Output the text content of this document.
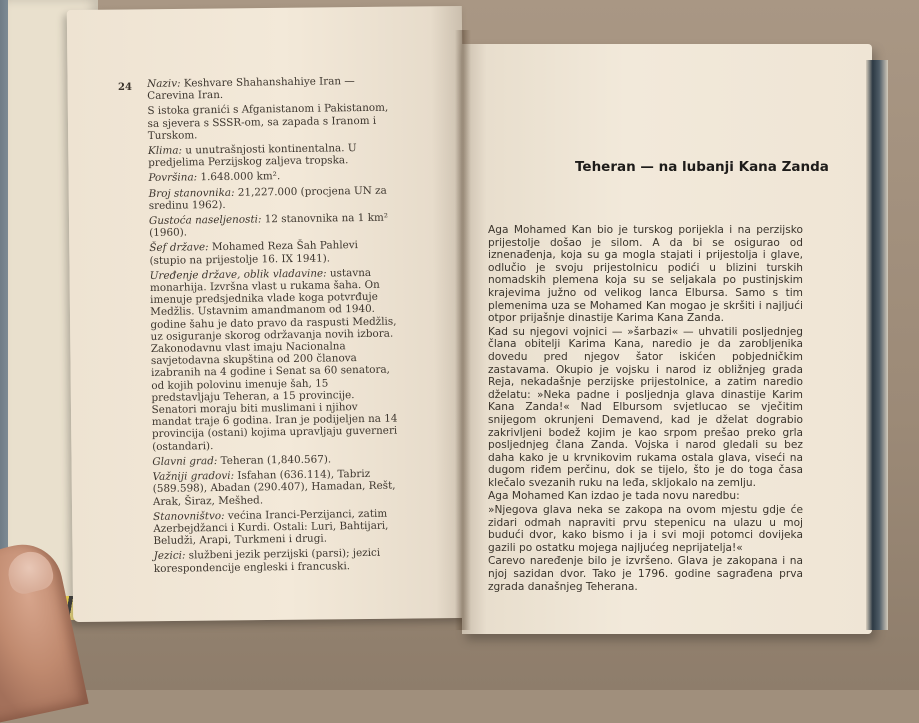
24 Naziv: Keshvare Shahanshahiye Iran — Carevina Iran.
S istoka granići s Afganistanom i Pakistanom, sa sjevera s SSSR-om, sa zapada s Iranom i Turskom.
Klima: u unutrašnjosti kontinentalna. U predjelima Perzijskog zaljeva tropska.
Površina: 1.648.000 km².
Broj stanovnika: 21,227.000 (procjena UN za sredinu 1962).
Gustoća naseljenosti: 12 stanovnika na 1 km² (1960).
Šef države: Mohamed Reza Šah Pahlevi (stupio na prijestolje 16. IX 1941).
Uređenje države, oblik vladavine: ustavna monarhija. Izvršna vlast u rukama šaha. On imenuje predsjednika vlade koga potvrđuje Medžlis. Ustavnim amandmanom od 1940. godine šahu je dato pravo da raspusti Medžlis, uz osiguranje skorog održavanja novih izbora. Zakonodavnu vlast imaju Nacionalna savjetodavna skupština od 200 članova izabranih na 4 godine i Senat sa 60 senatora, od kojih polovinu imenuje šah, 15 predstavljaju Teheran, a 15 provincije. Senatori moraju biti muslimani i njihov mandat traje 6 godina. Iran je podijeljen na 14 provincija (ostani) kojima upravljaju guverneri (ostandari).
Glavni grad: Teheran (1,840.567).
Važniji gradovi: Isfahan (636.114), Tabriz (589.598), Abadan (290.407), Hamadan, Rešt, Arak, Širaz, Mešhed.
Stanovništvo: većina Iranci-Perzijanci, zatim Azerbejdžanci i Kurdi. Ostali: Luri, Bahtijari, Beludži, Arapi, Turkmeni i drugi.
Jezici: službeni jezik perzijski (parsi); jezici korespondencije engleski i francuski.
Teheran — na lubanji Kana Zanda
Aga Mohamed Kan bio je turskog porijekla i na perzijsko prijestolje došao je silom. A da bi se osigurao od iznenađenja, koja su ga mogla stajati i prijestolja i glave, odlučio je svoju prijestolnicu podići u blizini turskih nomadskih plemena koja su se seljakala po pustinjskim krajevima južno od velikog lanca Elbursa. Samo s tim plemenima uza se Mohamed Kan mogao je skršiti i najljući otpor prijašnje dinastije Karima Kana Zanda.
Kad su njegovi vojnici — »šarbazi« — uhvatili posljednjeg člana obitelji Karima Kana, naredio je da zarobljenika dovedu pred njegov šator iskićen pobjedničkim zastavama. Okupio je vojsku i narod iz obližnjeg grada Reja, nekadašnje perzijske prijestolnice, a zatim naredio dželatu: »Neka padne i posljednja glava dinastije Karim Kana Zanda!« Nad Elbursom svjetlucao se vječitim snijegom okrunjeni Demavend, kad je dželat dograbio zakrivljeni bodež kojim je kao srpom prešao preko grla posljednjeg člana Zanda. Vojska i narod gledali su bez daha kako je u krvnikovim rukama ostala glava, viseći na dugom riđem perčinu, dok se tijelo, što je do toga časa klečalo svezanih ruku na leđa, skljokalo na zemlju.
Aga Mohamed Kan izdao je tada novu naredbu:
»Njegova glava neka se zakopa na ovom mjestu gdje će zidari odmah napraviti prvu stepenicu na ulazu u moj budući dvor, kako bismo i ja i svi moji potomci dovijeka gazili po ostatku mojega najljućeg neprijatelja!«
Carevo naređenje bilo je izvršeno. Glava je zakopana i na njoj sazidan dvor. Tako je 1796. godine sagrađena prva zgrada današnjeg Teherana.
